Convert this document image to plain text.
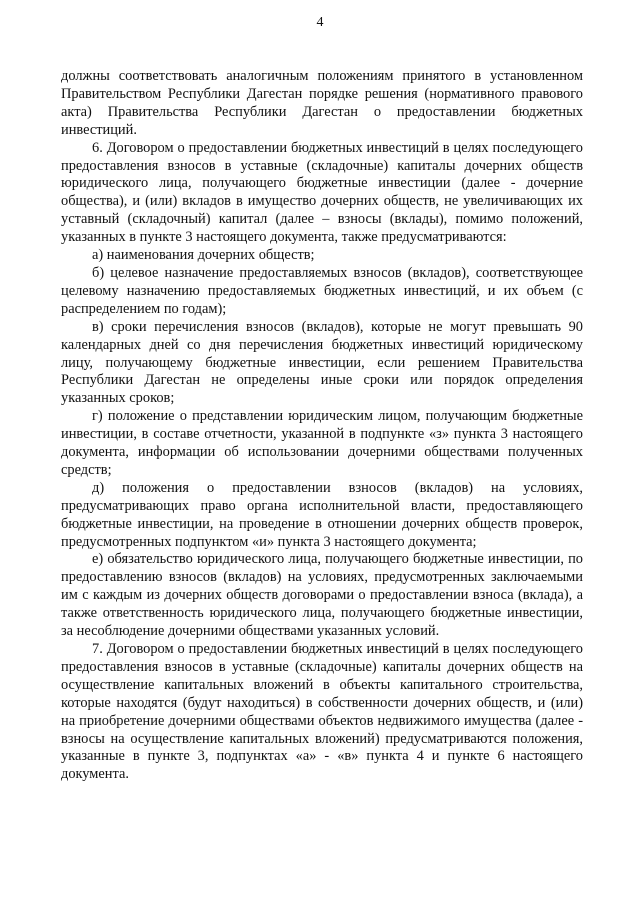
4

должны соответствовать аналогичным положениям принятого в установленном Правительством Республики Дагестан порядке решения (нормативного правового акта) Правительства Республики Дагестан о предоставлении бюджетных инвестиций.

6. Договором о предоставлении бюджетных инвестиций в целях последующего предоставления взносов в уставные (складочные) капиталы дочерних обществ юридического лица, получающего бюджетные инвестиции (далее - дочерние общества), и (или) вкладов в имущество дочерних обществ, не увеличивающих их уставный (складочный) капитал (далее – взносы (вклады), помимо положений, указанных в пункте 3 настоящего документа, также предусматриваются:

а) наименования дочерних обществ;

б) целевое назначение предоставляемых взносов (вкладов), соответствующее целевому назначению предоставляемых бюджетных инвестиций, и их объем (с распределением по годам);

в) сроки перечисления взносов (вкладов), которые не могут превышать 90 календарных дней со дня перечисления бюджетных инвестиций юридическому лицу, получающему бюджетные инвестиции, если решением Правительства Республики Дагестан не определены иные сроки или порядок определения указанных сроков;

г) положение о представлении юридическим лицом, получающим бюджетные инвестиции, в составе отчетности, указанной в подпункте «з» пункта 3 настоящего документа, информации об использовании дочерними обществами полученных средств;

д) положения о предоставлении взносов (вкладов) на условиях, предусматривающих право органа исполнительной власти, предоставляющего бюджетные инвестиции, на проведение в отношении дочерних обществ проверок, предусмотренных подпунктом «и» пункта 3 настоящего документа;

е) обязательство юридического лица, получающего бюджетные инвестиции, по предоставлению взносов (вкладов) на условиях, предусмотренных заключаемыми им с каждым из дочерних обществ договорами о предоставлении взноса (вклада), а также ответственность юридического лица, получающего бюджетные инвестиции, за несоблюдение дочерними обществами указанных условий.

7. Договором о предоставлении бюджетных инвестиций в целях последующего предоставления взносов в уставные (складочные) капиталы дочерних обществ на осуществление капитальных вложений в объекты капитального строительства, которые находятся (будут находиться) в собственности дочерних обществ, и (или) на приобретение дочерними обществами объектов недвижимого имущества (далее - взносы на осуществление капитальных вложений) предусматриваются положения, указанные в пункте 3, подпунктах «а» - «в» пункта 4 и пункте 6 настоящего документа.
